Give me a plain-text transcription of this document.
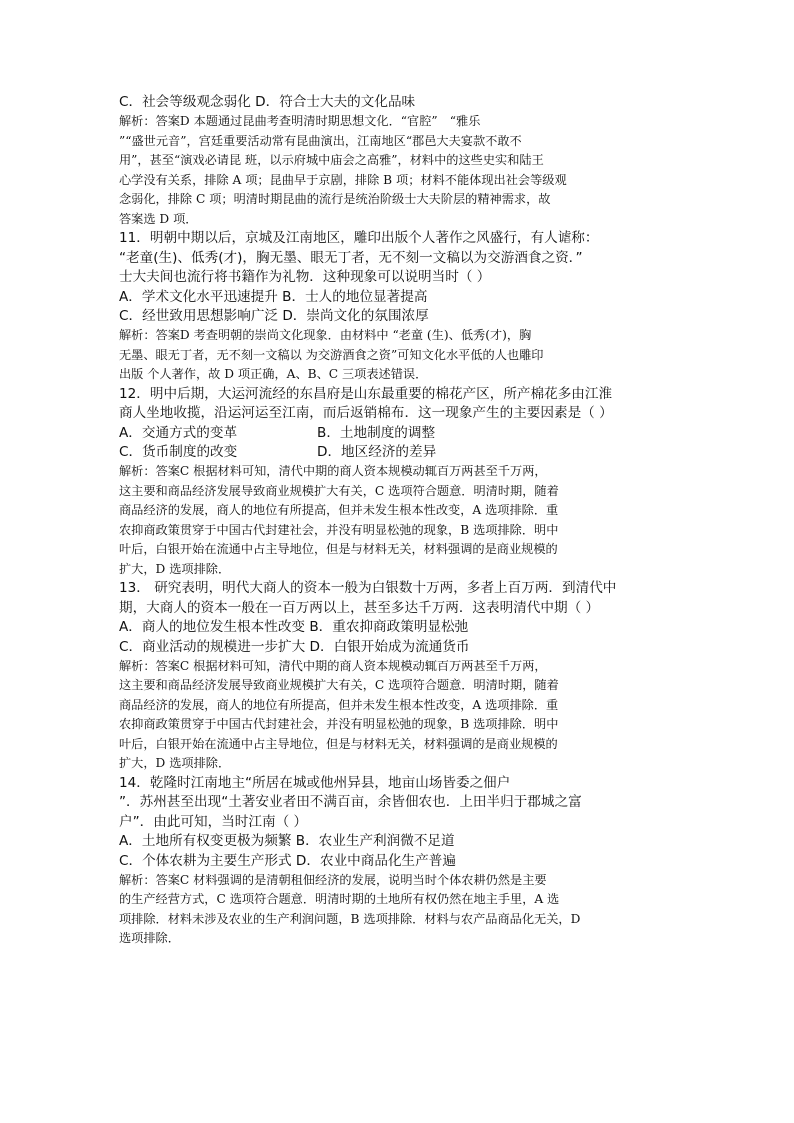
C．社会等级观念弱化 D．符合士大夫的文化品味
解析：答案D 本题通过昆曲考查明清时期思想文化．“官腔”　“雅乐
”“盛世元音”，宫廷重要活动常有昆曲演出，江南地区“郡邑大夫宴款不敢不
用”，甚至“演戏必请昆 班，以示府城中庙会之高雅”，材料中的这些史实和陆王
心学没有关系，排除 A 项；昆曲早于京剧，排除 B 项；材料不能体现出社会等级观
念弱化，排除 C 项；明清时期昆曲的流行是统治阶级士大夫阶层的精神需求，故
答案选 D 项．
11．明朝中期以后，京城及江南地区，雕印出版个人著作之风盛行，有人谑称：
“老童(生)、低秀(才)，胸无墨、眼无丁者，无不刻一文稿以为交游酒食之资．”
士大夫间也流行将书籍作为礼物．这种现象可以说明当时（ ）
A．学术文化水平迅速提升 B．士人的地位显著提高
C．经世致用思想影响广泛 D．崇尚文化的氛围浓厚
解析：答案D 考查明朝的崇尚文化现象．由材料中 “老童 (生)、低秀(才)，胸
无墨、眼无丁者，无不刻一文稿以 为交游酒食之资”可知文化水平低的人也雕印
出版 个人著作，故 D 项正确，A、B、C 三项表述错误．
12．明中后期，大运河流经的东昌府是山东最重要的棉花产区，所产棉花多由江淮
商人坐地收揽，沿运河运至江南，而后返销棉布．这一现象产生的主要因素是（ ）
A．交通方式的变革	B．土地制度的调整
C．货币制度的改变	D．地区经济的差异
解析：答案C 根据材料可知，清代中期的商人资本规模动辄百万两甚至千万两，
这主要和商品经济发展导致商业规模扩大有关，C 选项符合题意．明清时期，随着
商品经济的发展，商人的地位有所提高，但并未发生根本性改变，A 选项排除．重
农抑商政策贯穿于中国古代封建社会，并没有明显松弛的现象，B 选项排除．明中
叶后，白银开始在流通中占主导地位，但是与材料无关，材料强调的是商业规模的
扩大，D 选项排除．
13． 研究表明，明代大商人的资本一般为白银数十万两，多者上百万两．到清代中
期，大商人的资本一般在一百万两以上，甚至多达千万两．这表明清代中期（ ）
A．商人的地位发生根本性改变 B．重农抑商政策明显松弛
C．商业活动的规模进一步扩大 D．白银开始成为流通货币
解析：答案C 根据材料可知，清代中期的商人资本规模动辄百万两甚至千万两，
这主要和商品经济发展导致商业规模扩大有关，C 选项符合题意．明清时期，随着
商品经济的发展，商人的地位有所提高，但并未发生根本性改变，A 选项排除．重
农抑商政策贯穿于中国古代封建社会，并没有明显松弛的现象，B 选项排除．明中
叶后，白银开始在流通中占主导地位，但是与材料无关，材料强调的是商业规模的
扩大，D 选项排除．
14．乾隆时江南地主“所居在城或他州异县，地亩山场皆委之佃户
”．苏州甚至出现“土著安业者田不满百亩，余皆佃农也．上田半归于郡城之富
户”．由此可知，当时江南（ ）
A．土地所有权变更极为频繁 B．农业生产利润微不足道
C．个体农耕为主要生产形式 D．农业中商品化生产普遍
解析：答案C 材料强调的是清朝租佃经济的发展，说明当时个体农耕仍然是主要
的生产经营方式，C 选项符合题意．明清时期的土地所有权仍然在地主手里，A 选
项排除．材料未涉及农业的生产利润问题，B 选项排除．材料与农产品商品化无关，D
选项排除．
